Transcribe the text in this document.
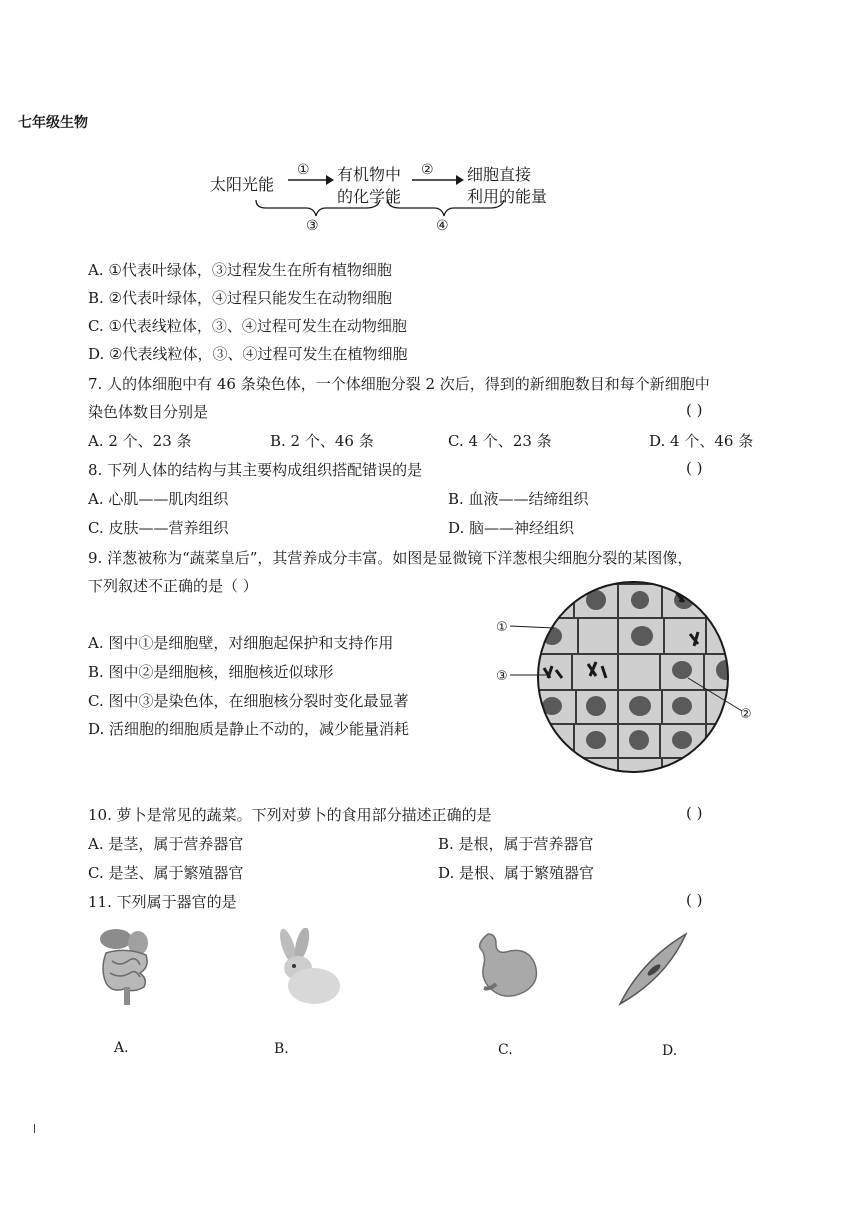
七年级生物
太阳光能
① 有机物中
的化学能
② 细胞直接
利用的能量
③	④
A. ①代表叶绿体，③过程发生在所有植物细胞
B. ②代表叶绿体，④过程只能发生在动物细胞
C. ①代表线粒体，③、④过程可发生在动物细胞
D. ②代表线粒体，③、④过程可发生在植物细胞
7. 人的体细胞中有 46 条染色体，一个体细胞分裂 2 次后，得到的新细胞数目和每个新细胞中
染色体数目分别是	( )
A. 2 个、23 条	B. 2 个、46 条	C. 4 个、23 条	D. 4 个、46 条
8. 下列人体的结构与其主要构成组织搭配错误的是	( )
A. 心肌——肌肉组织	B. 血液——结缔组织
C. 皮肤——营养组织	D. 脑——神经组织
9. 洋葱被称为“蔬菜皇后”，其营养成分丰富。如图是显微镜下洋葱根尖细胞分裂的某图像，
下列叙述不正确的是（ ）
A. 图中①是细胞壁，对细胞起保护和支持作用
B. 图中②是细胞核，细胞核近似球形
C. 图中③是染色体，在细胞核分裂时变化最显著
D. 活细胞的细胞质是静止不动的，减少能量消耗
①
③
②
10. 萝卜是常见的蔬菜。下列对萝卜的食用部分描述正确的是	( )
A. 是茎，属于营养器官	B. 是根，属于营养器官
C. 是茎、属于繁殖器官	D. 是根、属于繁殖器官
11. 下列属于器官的是	( )
A.	B.	C.	D.
